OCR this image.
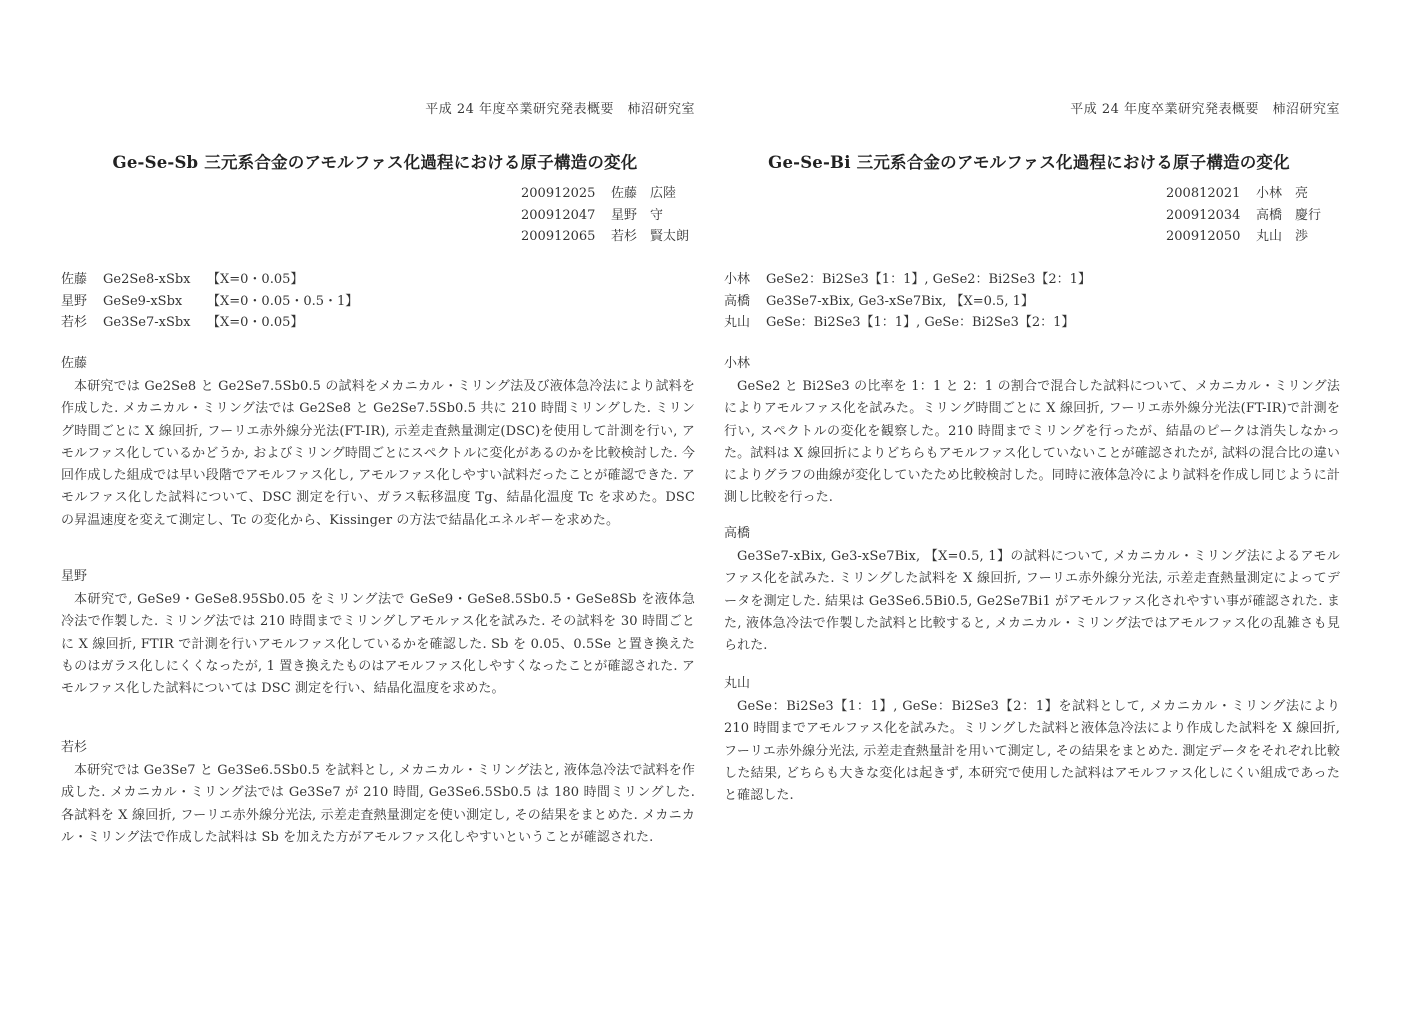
平成 24 年度卒業研究発表概要　柿沼研究室
Ge-Se-Sb 三元系合金のアモルファス化過程における原子構造の変化
200912025	佐藤　広陸
200912047	星野　守
200912065	若杉　賢太朗
佐藤	Ge2Se8-xSbx	【X=0・0.05】
星野	GeSe9-xSbx	【X=0・0.05・0.5・1】
若杉	Ge3Se7-xSbx	【X=0・0.05】
佐藤
本研究では Ge2Se8 と Ge2Se7.5Sb0.5 の試料をメカニカル・ミリング法及び液体急冷法により試料を作成した. メカニカル・ミリング法では Ge2Se8 と Ge2Se7.5Sb0.5 共に 210 時間ミリングした. ミリング時間ごとに X 線回折, フーリエ赤外線分光法(FT-IR), 示差走査熱量測定(DSC)を使用して計測を行い, アモルファス化しているかどうか, およびミリング時間ごとにスペクトルに変化があるのかを比較検討した. 今回作成した組成では早い段階でアモルファス化し, アモルファス化しやすい試料だったことが確認できた. アモルファス化した試料について、DSC 測定を行い、ガラス転移温度 Tg、結晶化温度 Tc を求めた。DSC の昇温速度を変えて測定し、Tc の変化から、Kissinger の方法で結晶化エネルギーを求めた。
星野
本研究で, GeSe9・GeSe8.95Sb0.05 をミリング法で GeSe9・GeSe8.5Sb0.5・GeSe8Sb を液体急冷法で作製した. ミリング法では 210 時間までミリングしアモルァス化を試みた. その試料を 30 時間ごとに X 線回折, FTIR で計測を行いアモルファス化しているかを確認した. Sb を 0.05、0.5Se と置き換えたものはガラス化しにくくなったが, 1 置き換えたものはアモルファス化しやすくなったことが確認された. アモルファス化した試料については DSC 測定を行い、結晶化温度を求めた。
若杉
本研究では Ge3Se7 と Ge3Se6.5Sb0.5 を試料とし, メカニカル・ミリング法と, 液体急冷法で試料を作成した. メカニカル・ミリング法では Ge3Se7 が 210 時間, Ge3Se6.5Sb0.5 は 180 時間ミリングした. 各試料を X 線回折, フーリエ赤外線分光法, 示差走査熱量測定を使い測定し, その結果をまとめた. メカニカル・ミリング法で作成した試料は Sb を加えた方がアモルファス化しやすいということが確認された.
平成 24 年度卒業研究発表概要　柿沼研究室
Ge-Se-Bi 三元系合金のアモルファス化過程における原子構造の変化
200812021	小林　亮
200912034	高橋　慶行
200912050	丸山　渉
小林	GeSe2：Bi2Se3【1：1】, GeSe2：Bi2Se3【2：1】
高橋	Ge3Se7-xBix, Ge3-xSe7Bix, 【X=0.5, 1】
丸山	GeSe：Bi2Se3【1：1】, GeSe：Bi2Se3【2：1】
小林
GeSe2 と Bi2Se3 の比率を 1：1 と 2：1 の割合で混合した試料について、メカニカル・ミリング法によりアモルファス化を試みた。ミリング時間ごとに X 線回折, フーリエ赤外線分光法(FT-IR)で計測を行い, スペクトルの変化を観察した。210 時間までミリングを行ったが、結晶のピークは消失しなかった。試料は X 線回折によりどちらもアモルファス化していないことが確認されたが, 試料の混合比の違いによりグラフの曲線が変化していたため比較検討した。同時に液体急冷により試料を作成し同じように計測し比較を行った.
高橋
Ge3Se7-xBix, Ge3-xSe7Bix, 【X=0.5, 1】の試料について, メカニカル・ミリング法によるアモルファス化を試みた. ミリングした試料を X 線回折, フーリエ赤外線分光法, 示差走査熱量測定によってデータを測定した. 結果は Ge3Se6.5Bi0.5, Ge2Se7Bi1 がアモルファス化されやすい事が確認された. また, 液体急冷法で作製した試料と比較すると, メカニカル・ミリング法ではアモルファス化の乱雑さも見られた.
丸山
GeSe：Bi2Se3【1：1】, GeSe：Bi2Se3【2：1】を試料として, メカニカル・ミリング法により 210 時間までアモルファス化を試みた。ミリングした試料と液体急冷法により作成した試料を X 線回折, フーリエ赤外線分光法, 示差走査熱量計を用いて測定し, その結果をまとめた. 測定データをそれぞれ比較した結果, どちらも大きな変化は起きず, 本研究で使用した試料はアモルファス化しにくい組成であったと確認した.
